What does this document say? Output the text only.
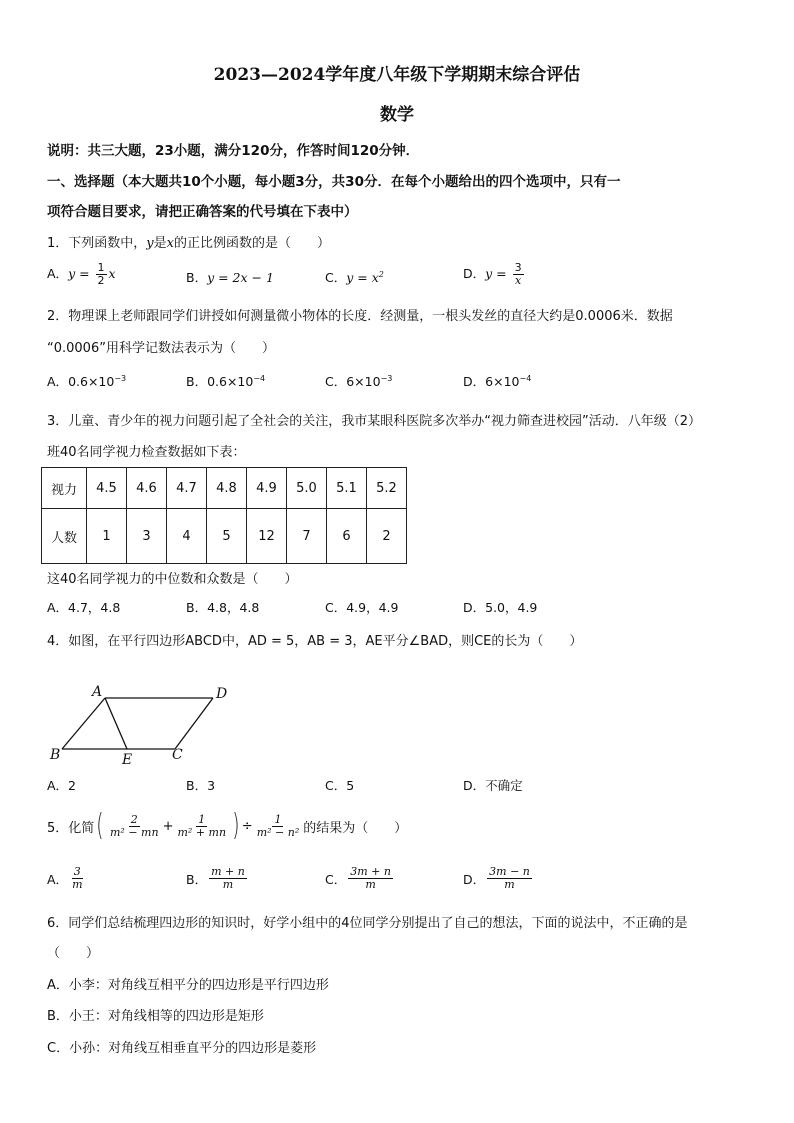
2023—2024学年度八年级下学期期末综合评估
数学
说明：共三大题，23小题，满分120分，作答时间120分钟．
一、选择题（本大题共10个小题，每小题3分，共30分．在每个小题给出的四个选项中，只有一
项符合题目要求，请把正确答案的代号填在下表中）
1．下列函数中，y是x的正比例函数的是（　　）
A．$y = \frac{1}{2}$ x	B．y = 2x − 1	C．$y = x^2$	D．$y = \frac{3}{x}$
2．物理课上老师跟同学们讲授如何测量微小物体的长度．经测量，一根头发丝的直径大约是0.0006米．数据
“0.0006”用科学记数法表示为（　　）
A．$0.6\times 10^{-3}$	B．$0.6\times 10^{-4}$	C．$6\times 10^{-3}$	D．$6\times 10^{-4}$
3．儿童、青少年的视力问题引起了全社会的关注，我市某眼科医院多次举办“视力筛查进校园”活动．八年级（2）
班40名同学视力检查数据如下表：
视力	4.5	4.6	4.7	4.8	4.9	5.0	5.1	5.2
人数	1	3	4	5	12	7	6	2
这40名同学视力的中位数和众数是（　　）
A．4.7，4.8	B．4.8，4.8	C．4.9，4.9	D．5.0，4.9
4．如图，在平行四边形ABCD中，AD = 5，AB = 3，AE平分∠BAD，则CE的长为（　　）
A	D
B	C
E
A．2	B．3	C．5	D．不确定
5．化简 ( $\frac{2}{\text{m² − mn}} + \frac{1}{\text{m² + mn}}$ ) ÷ $\frac{1}{\text{m² − n²}}$ 的结果为（　　）
A． $\frac{3}{m}$	B． $\frac{m + n}{m}$	C． $\frac{3m + n}{m}$	D． $\frac{3m - n}{m}$
6．同学们总结梳理四边形的知识时，好学小组中的4位同学分别提出了自己的想法，下面的说法中，不正确的是
（　　）
A．小李：对角线互相平分的四边形是平行四边形
B．小王：对角线相等的四边形是矩形
C．小孙：对角线互相垂直平分的四边形是菱形
